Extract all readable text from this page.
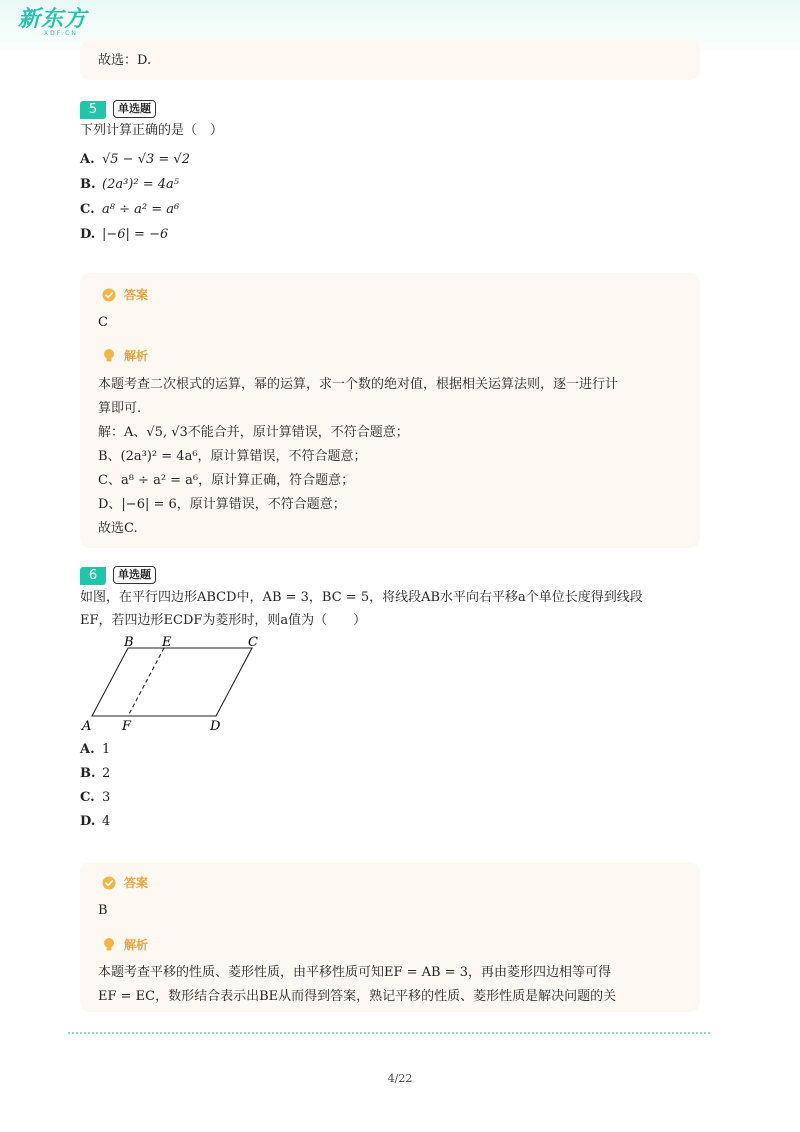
新东方
XDF.CN
故选：D.
5	单选题
下列计算正确的是（　）
A. √5 − √3 = √2
B. (2a³)² = 4a⁵
C. a⁸ ÷ a² = a⁶
D. |−6| = −6
答案
C
解析
本题考查二次根式的运算，幂的运算，求一个数的绝对值，根据相关运算法则，逐一进行计
算即可.
解：A、√5, √3不能合并，原计算错误，不符合题意；
B、(2a³)² = 4a⁶，原计算错误，不符合题意；
C、a⁸ ÷ a² = a⁶，原计算正确，符合题意；
D、|−6| = 6，原计算错误，不符合题意；
故选C.
6	单选题
如图，在平行四边形ABCD中，AB = 3，BC = 5，将线段AB水平向右平移a个单位长度得到线段
EF，若四边形ECDF为菱形时，则a值为（　　）
B E	C
A F	D
A. 1
B. 2
C. 3
D. 4
答案
B
解析
本题考查平移的性质、菱形性质，由平移性质可知EF = AB = 3，再由菱形四边相等可得
EF = EC，数形结合表示出BE从而得到答案，熟记平移的性质、菱形性质是解决问题的关
4/22
